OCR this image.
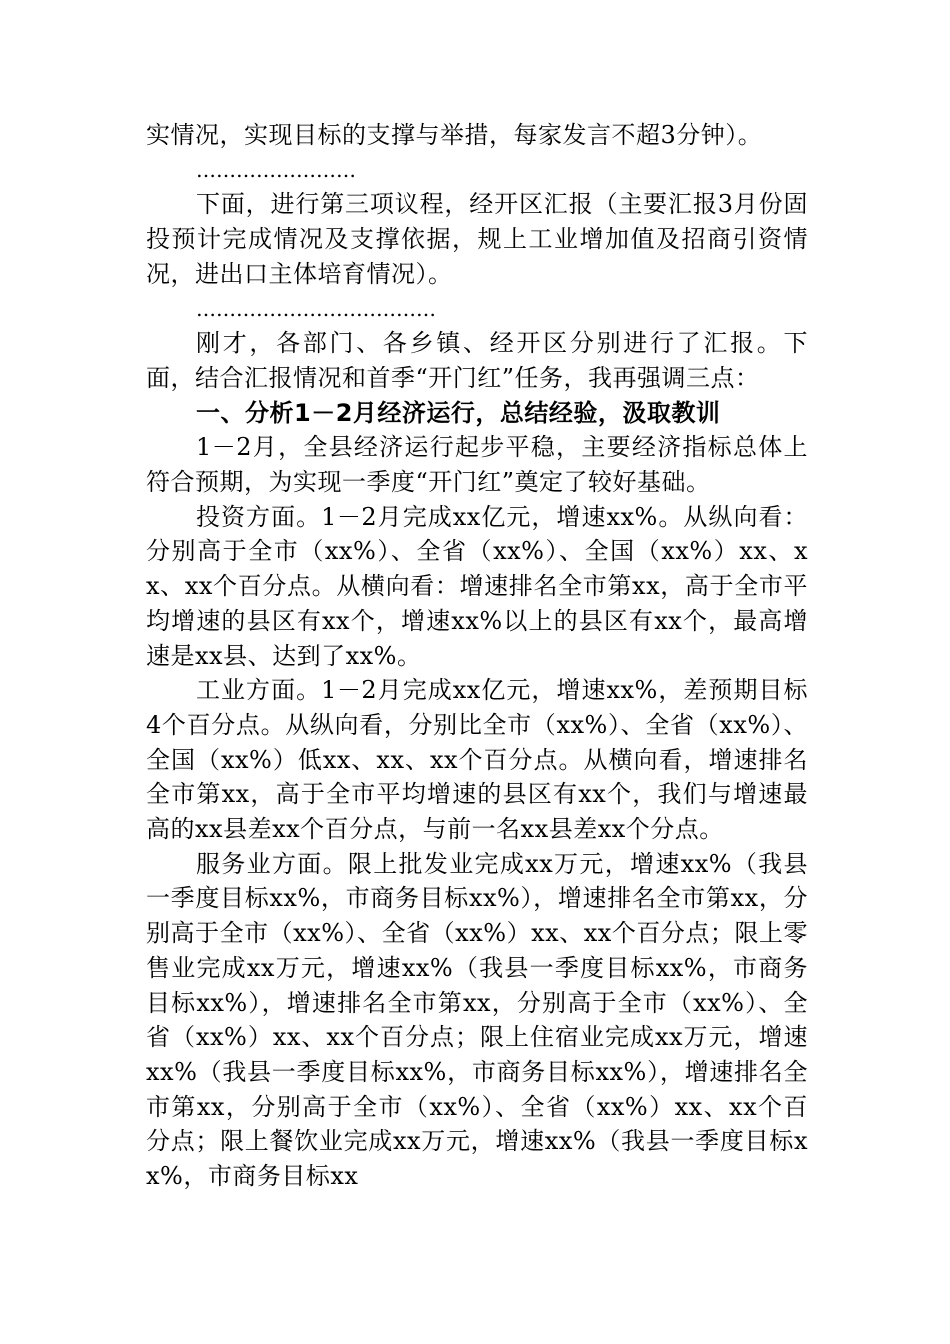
实情况，实现目标的支撑与举措，每家发言不超3分钟）。

……………………

下面，进行第三项议程，经开区汇报（主要汇报3月份固投预计完成情况及支撑依据，规上工业增加值及招商引资情况，进出口主体培育情况）。

………………………………

刚才，各部门、各乡镇、经开区分别进行了汇报。下面，结合汇报情况和首季“开门红”任务，我再强调三点：

一、分析1－2月经济运行，总结经验，汲取教训

1－2月，全县经济运行起步平稳，主要经济指标总体上符合预期，为实现一季度“开门红”奠定了较好基础。

投资方面。1－2月完成xx亿元，增速xx%。从纵向看：分别高于全市（xx%）、全省（xx%）、全国（xx%）xx、xx、xx个百分点。从横向看：增速排名全市第xx，高于全市平均增速的县区有xx个，增速xx%以上的县区有xx个，最高增速是xx县、达到了xx%。

工业方面。1－2月完成xx亿元，增速xx%，差预期目标4个百分点。从纵向看，分别比全市（xx%）、全省（xx%）、全国（xx%）低xx、xx、xx个百分点。从横向看，增速排名全市第xx，高于全市平均增速的县区有xx个，我们与增速最高的xx县差xx个百分点，与前一名xx县差xx个分点。

服务业方面。限上批发业完成xx万元，增速xx%（我县一季度目标xx%，市商务目标xx%），增速排名全市第xx，分别高于全市（xx%）、全省（xx%）xx、xx个百分点；限上零售业完成xx万元，增速xx%（我县一季度目标xx%，市商务目标xx%），增速排名全市第xx，分别高于全市（xx%）、全省（xx%）xx、xx个百分点；限上住宿业完成xx万元，增速xx%（我县一季度目标xx%，市商务目标xx%），增速排名全市第xx，分别高于全市（xx%）、全省（xx%）xx、xx个百分点；限上餐饮业完成xx万元，增速xx%（我县一季度目标xx%，市商务目标xx
